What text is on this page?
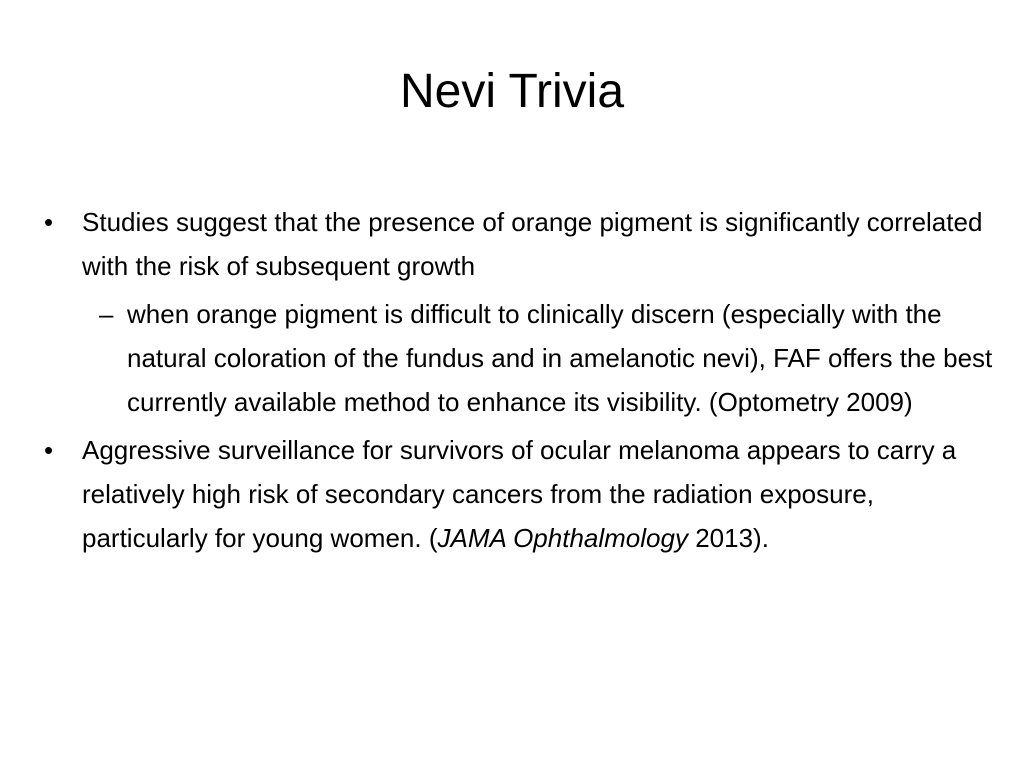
Nevi Trivia
•	Studies suggest that the presence of orange pigment is significantly correlated with the risk of subsequent growth
– when orange pigment is difficult to clinically discern (especially with the natural coloration of the fundus and in amelanotic nevi), FAF offers the best currently available method to enhance its visibility. (Optometry 2009)
•	Aggressive surveillance for survivors of ocular melanoma appears to carry a relatively high risk of secondary cancers from the radiation exposure, particularly for young women. (JAMA Ophthalmology 2013).
